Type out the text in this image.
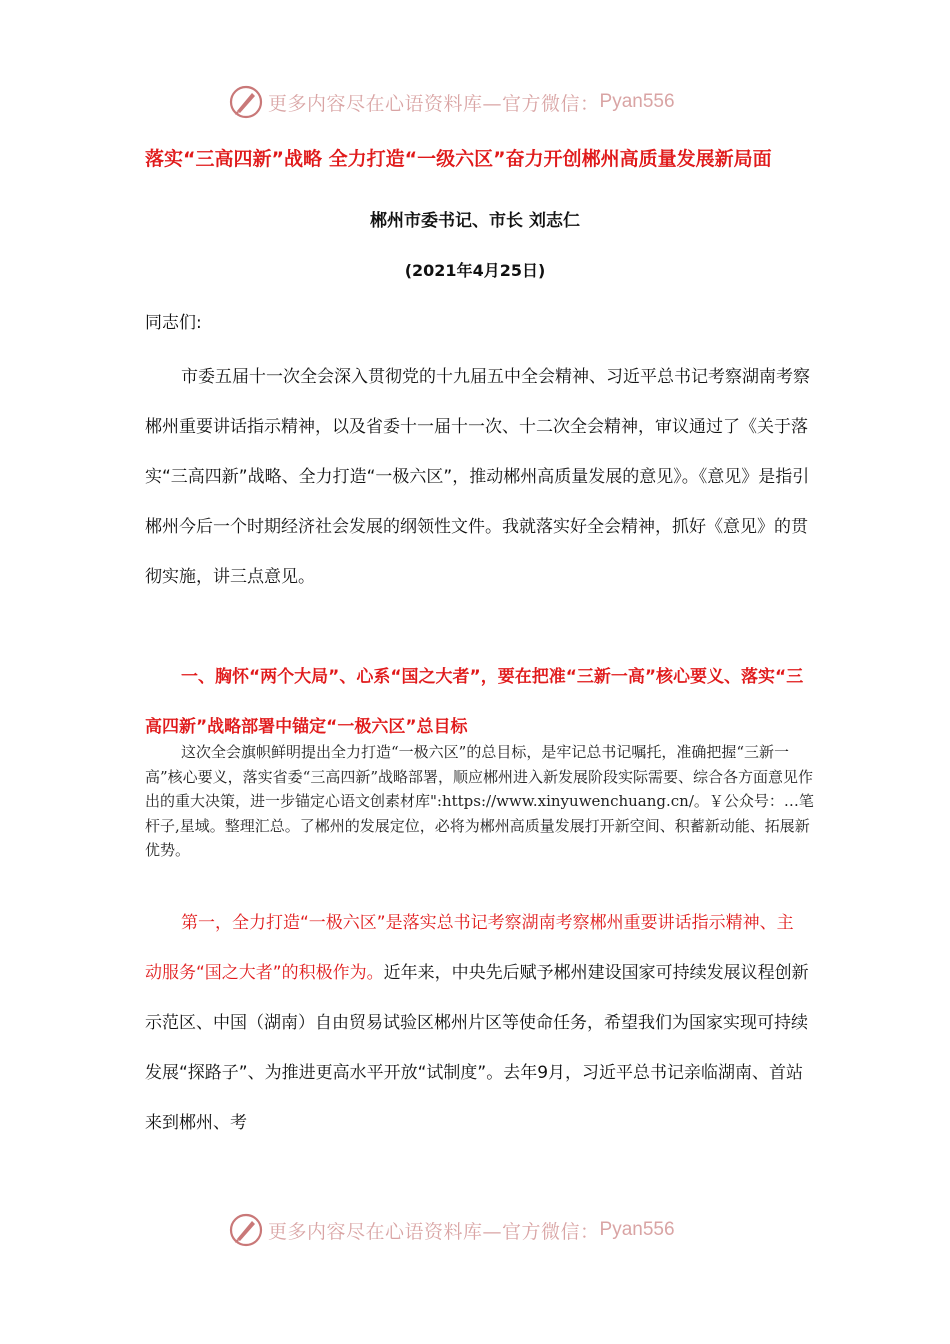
更多内容尽在心语资料库—官方微信： Pyan556
落实“三高四新”战略 全力打造“一级六区”奋力开创郴州高质量发展新局面
郴州市委书记、市长 刘志仁
(2021年4月25日)
同志们:
市委五届十一次全会深入贯彻党的十九届五中全会精神、习近平总书记考察湖南考察郴州重要讲话指示精神，以及省委十一届十一次、十二次全会精神，审议通过了《关于落实“三高四新”战略、全力打造“一极六区”，推动郴州高质量发展的意见》。《意见》是指引郴州今后一个时期经济社会发展的纲领性文件。我就落实好全会精神，抓好《意见》的贯彻实施，讲三点意见。
一、胸怀“两个大局”、心系“国之大者”，要在把准“三新一高”核心要义、落实“三高四新”战略部署中锚定“一极六区”总目标
这次全会旗帜鲜明提出全力打造“一极六区”的总目标，是牢记总书记嘱托，准确把握“三新一高”核心要义，落实省委“三高四新”战略部署，顺应郴州进入新发展阶段实际需要、综合各方面意见作出的重大决策，进一步锚定心语文创素材库":https://www.xinyuwenchuang.cn/。￥公众号：…笔杆子,星域。整理汇总。了郴州的发展定位，必将为郴州高质量发展打开新空间、积蓄新动能、拓展新优势。
第一，全力打造“一极六区”是落实总书记考察湖南考察郴州重要讲话指示精神、主动服务“国之大者”的积极作为。近年来，中央先后赋予郴州建设国家可持续发展议程创新示范区、中国（湖南）自由贸易试验区郴州片区等使命任务，希望我们为国家实现可持续发展“探路子”、为推进更高水平开放“试制度”。去年9月，习近平总书记亲临湖南、首站来到郴州、考
更多内容尽在心语资料库—官方微信： Pyan556
